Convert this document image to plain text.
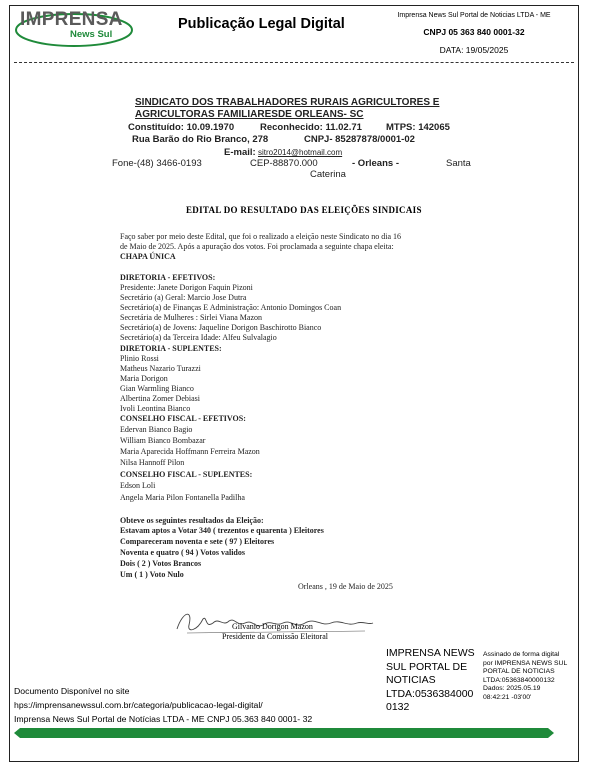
IMPRENSA
News Sul
Publicação Legal Digital
Imprensa News Sul Portal de Noticias LTDA - ME
CNPJ 05 363 840 0001-32
DATA: 19/05/2025
SINDICATO DOS TRABALHADORES RURAIS AGRICULTORES E
AGRICULTORAS FAMILIARESDE ORLEANS- SC
Constituído: 10.09.1970	Reconhecido: 11.02.71	MTPS: 142065
Rua Barão do Rio Branco, 278	CNPJ- 85287878/0001-02
E-mail: sitro2014@hotmail.com
Fone-(48) 3466-0193	CEP-88870.000	- Orleans -	Santa
Caterina
EDITAL DO RESULTADO DAS ELEIÇÕES SINDICAIS
Faço saber por meio deste Edital, que foi o realizado a eleição neste Sindicato no dia 16
de Maio de 2025. Após a apuração dos votos. Foi proclamada a seguinte chapa eleita:
CHAPA ÚNICA
DIRETORIA - EFETIVOS:
Presidente: Janete Dorigon Faquin Pizoni
Secretário (a) Geral: Marcio Jose Dutra
Secretário(a) de Finanças E Administração: Antonio Domingos Coan
Secretária de Mulheres : Sirlei Viana Mazon
Secretário(a) de Jovens: Jaqueline Dorigon Baschirotto Bianco
Secretário(a) da Terceira Idade: Alfeu Sulvalagio
DIRETORIA - SUPLENTES:
Plinio Rossi
Matheus Nazario Turazzi
Maria Dorigon
Gian Warmling Bianco
Albertina Zomer Debiasi
Ivoli Leontina Bianco
CONSELHO FISCAL - EFETIVOS:
Edervan Bianco Bagio
William Bianco Bombazar
Maria Aparecida Hoffmann Ferreira Mazon
Nilsa Hannoff Pilon
CONSELHO FISCAL - SUPLENTES:
Edson Loli
Angela Maria Pilon Fontanella Padilha
Obteve os seguintes resultados da Eleição:
Estavam aptos a Votar 340 ( trezentos e quarenta ) Eleitores
Compareceram noventa e sete ( 97 ) Eleitores
Noventa e quatro ( 94 ) Votos validos
Dois ( 2 ) Votos Brancos
Um ( 1 ) Voto Nulo
Orleans , 19 de Maio de 2025
Gilvanio Dorigon Mazon
Presidente da Comissão Eleitoral
IMPRENSA NEWS
SUL PORTAL DE
NOTICIAS
LTDA:0536384000
0132
Assinado de forma digital
por IMPRENSA NEWS SUL
PORTAL DE NOTICIAS
LTDA:05363840000132
Dados: 2025.05.19
08:42:21 -03'00'
Documento Disponível no site
hps://imprensanewssul.com.br/categoria/publicacao-legal-digital/
Imprensa News Sul Portal de Notícias LTDA - ME CNPJ 05.363 840 0001- 32
